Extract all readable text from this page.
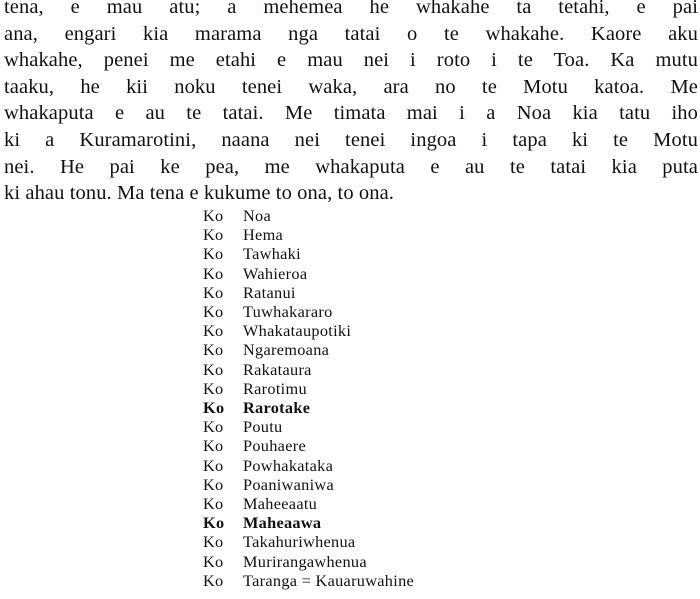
tena, e mau atu; a mehemea he whakahe ta tetahi, e pai
ana, engari kia marama nga tatai o te whakahe. Kaore aku
whakahe, penei me etahi e mau nei i roto i te Toa. Ka mutu
taaku, he kii noku tenei waka, ara no te Motu katoa. Me
whakaputa e au te tatai. Me timata mai i a Noa kia tatu iho
ki a Kuramarotini, naana nei tenei ingoa i tapa ki te Motu
nei. He pai ke pea, me whakaputa e au te tatai kia puta
ki ahau tonu. Ma tena e kukume to ona, to ona.
Ko Noa
Ko Hema
Ko Tawhaki
Ko Wahieroa
Ko Ratanui
Ko Tuwhakararo
Ko Whakataupotiki
Ko Ngaremoana
Ko Rakataura
Ko Rarotimu
Ko Rarotake
Ko Poutu
Ko Pouhaere
Ko Powhakataka
Ko Poaniwaniwa
Ko Maheeaatu
Ko Maheaawa
Ko Takahuriwhenua
Ko Murirangawhenua
Ko Taranga = Kauaruwahine
